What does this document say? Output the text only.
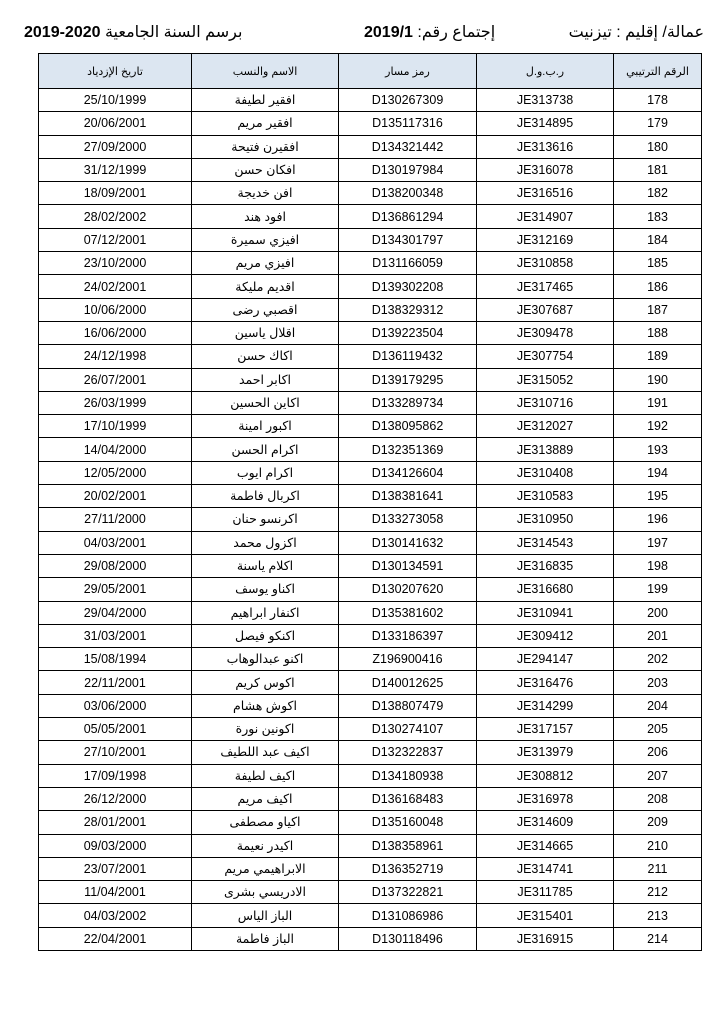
عمالة/ إقليم : تيزنيت
إجتماع رقم: 2019/1
برسم السنة الجامعية 2020-2019
تاريخ الإزدياد	الاسم والنسب	رمز مسار	ر.ب.و.ل	الرقم الترتيبي
25/10/1999	افقير لطيفة	D130267309	JE313738	178
20/06/2001	افقير مريم	D135117316	JE314895	179
27/09/2000	افقيرن فتيحة	D134321442	JE313616	180
31/12/1999	افكان حسن	D130197984	JE316078	181
18/09/2001	افن خديجة	D138200348	JE316516	182
28/02/2002	افود هند	D136861294	JE314907	183
07/12/2001	افيزي سميرة	D134301797	JE312169	184
23/10/2000	افيزي مريم	D131166059	JE310858	185
24/02/2001	اقديم مليكة	D139302208	JE317465	186
10/06/2000	اقصبي رضى	D138329312	JE307687	187
16/06/2000	اقلال ياسين	D139223504	JE309478	188
24/12/1998	اكاك حسن	D136119432	JE307754	189
26/07/2001	اكابر احمد	D139179295	JE315052	190
26/03/1999	اكاين الحسين	D133289734	JE310716	191
17/10/1999	اكبور امينة	D138095862	JE312027	192
14/04/2000	اكرام الحسن	D132351369	JE313889	193
12/05/2000	اكرام ايوب	D134126604	JE310408	194
20/02/2001	اكربال فاطمة	D138381641	JE310583	195
27/11/2000	اكرنسو حنان	D133273058	JE310950	196
04/03/2001	اكزول محمد	D130141632	JE314543	197
29/08/2000	اكلام ياسنة	D130134591	JE316835	198
29/05/2001	اكناو يوسف	D130207620	JE316680	199
29/04/2000	اكنفار ابراهيم	D135381602	JE310941	200
31/03/2001	اكنكو فيصل	D133186397	JE309412	201
15/08/1994	اكنو عبدالوهاب	Z196900416	JE294147	202
22/11/2001	اكوس كريم	D140012625	JE316476	203
03/06/2000	اكوش هشام	D138807479	JE314299	204
05/05/2001	اكونين نورة	D130274107	JE317157	205
27/10/2001	اكيف عبد اللطيف	D132322837	JE313979	206
17/09/1998	اكيف لطيفة	D134180938	JE308812	207
26/12/2000	اكيف مريم	D136168483	JE316978	208
28/01/2001	اكياو مصطفى	D135160048	JE314609	209
09/03/2000	اكيدر نعيمة	D138358961	JE314665	210
23/07/2001	الابراهيمي مريم	D136352719	JE314741	211
11/04/2001	الادريسي بشرى	D137322821	JE311785	212
04/03/2002	الباز الياس	D131086986	JE315401	213
22/04/2001	الباز فاطمة	D130118496	JE316915	214
